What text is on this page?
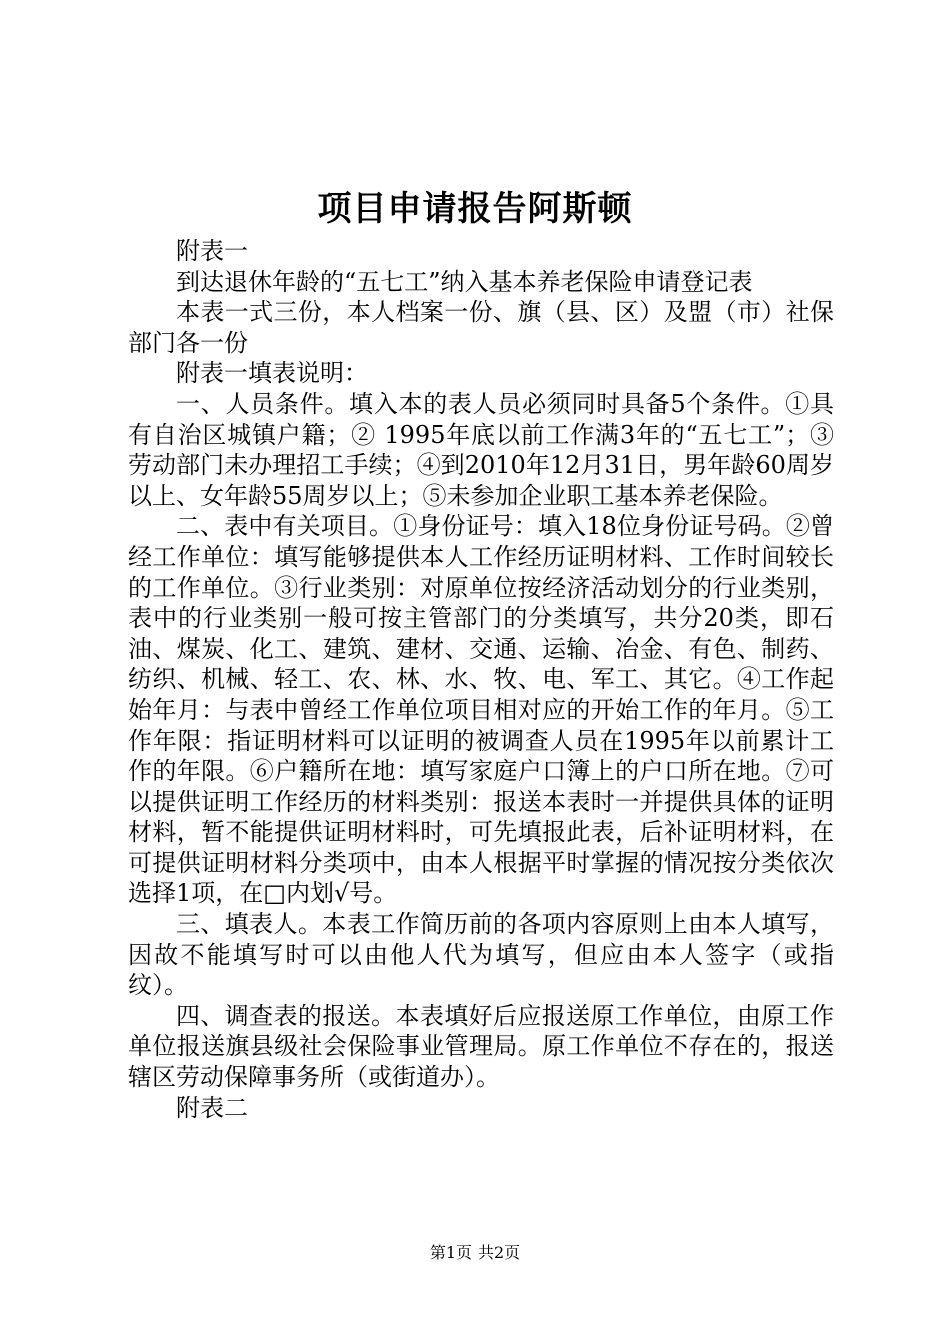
项目申请报告阿斯顿

附表一

到达退休年龄的“五七工”纳入基本养老保险申请登记表

本表一式三份，本人档案一份、旗（县、区）及盟（市）社保部门各一份

附表一填表说明：

一、人员条件。填入本的表人员必须同时具备5个条件。①具有自治区城镇户籍；② 1995年底以前工作满3年的“五七工”；③劳动部门未办理招工手续；④到2010年12月31日，男年龄60周岁以上、女年龄55周岁以上；⑤未参加企业职工基本养老保险。

二、表中有关项目。①身份证号：填入18位身份证号码。②曾经工作单位：填写能够提供本人工作经历证明材料、工作时间较长的工作单位。③行业类别：对原单位按经济活动划分的行业类别，表中的行业类别一般可按主管部门的分类填写，共分20类，即石油、煤炭、化工、建筑、建材、交通、运输、冶金、有色、制药、纺织、机械、轻工、农、林、水、牧、电、军工、其它。④工作起始年月：与表中曾经工作单位项目相对应的开始工作的年月。⑤工作年限：指证明材料可以证明的被调查人员在1995年以前累计工作的年限。⑥户籍所在地：填写家庭户口簿上的户口所在地。⑦可以提供证明工作经历的材料类别：报送本表时一并提供具体的证明材料，暂不能提供证明材料时，可先填报此表，后补证明材料，在可提供证明材料分类项中，由本人根据平时掌握的情况按分类依次选择1项，在□内划√号。

三、填表人。本表工作简历前的各项内容原则上由本人填写，因故不能填写时可以由他人代为填写，但应由本人签字（或指纹）。

四、调查表的报送。本表填好后应报送原工作单位，由原工作单位报送旗县级社会保险事业管理局。原工作单位不存在的，报送辖区劳动保障事务所（或街道办）。

附表二

第1页 共2页
